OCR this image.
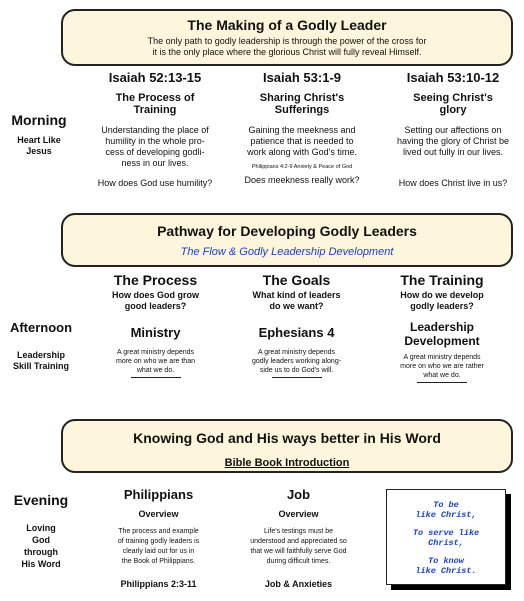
The Making of a Godly Leader
The only path to godly leadership is through the power of the cross for
it is the only place where the glorious Christ will fully reveal Himself.
Morning
Heart Like
Jesus
Isaiah 52:13-15
The Process of
Training
Understanding the place of
humility in the whole pro-
cess of developing godli-
ness in our lives.
How does God use humility?
Isaiah 53:1-9
Sharing Christ's
Sufferings
Gaining the meekness and
patience that is needed to
work along with God's time.
Philippians 4:2-9 Anxiety & Peace of God
Does meekness really work?
Isaiah 53:10-12
Seeing Christ's
glory
Setting our affections on
having the glory of Christ be
lived out fully in our lives.
How does Christ live in us?
Pathway for Developing Godly Leaders
The Flow & Godly Leadership Development
Afternoon
Leadership
Skill Training
The Process
How does God grow
good leaders?
Ministry
A great ministry depends
more on who we are than
what we do.
The Goals
What kind of leaders
do we want?
Ephesians 4
A great ministry depends
godly leaders working along-
side us to do God's will.
The Training
How do we develop
godly leaders?
Leadership
Development
A great ministry depends
more on who we are rather
what we do.
Knowing God and His ways better in His Word
Bible Book Introduction
Evening
Loving
God
through
His Word
Philippians
Overview
The process and example
of training godly leaders is
clearly laid out for us in
the Book of Philippians.
Philippians 2:3-11
Job
Overview
Life's testings must be
understood and appreciated so
that we will faithfully serve God
during difficult times.
Job & Anxieties
To be
like Christ,
To serve like
Christ,
To know
like Christ.
